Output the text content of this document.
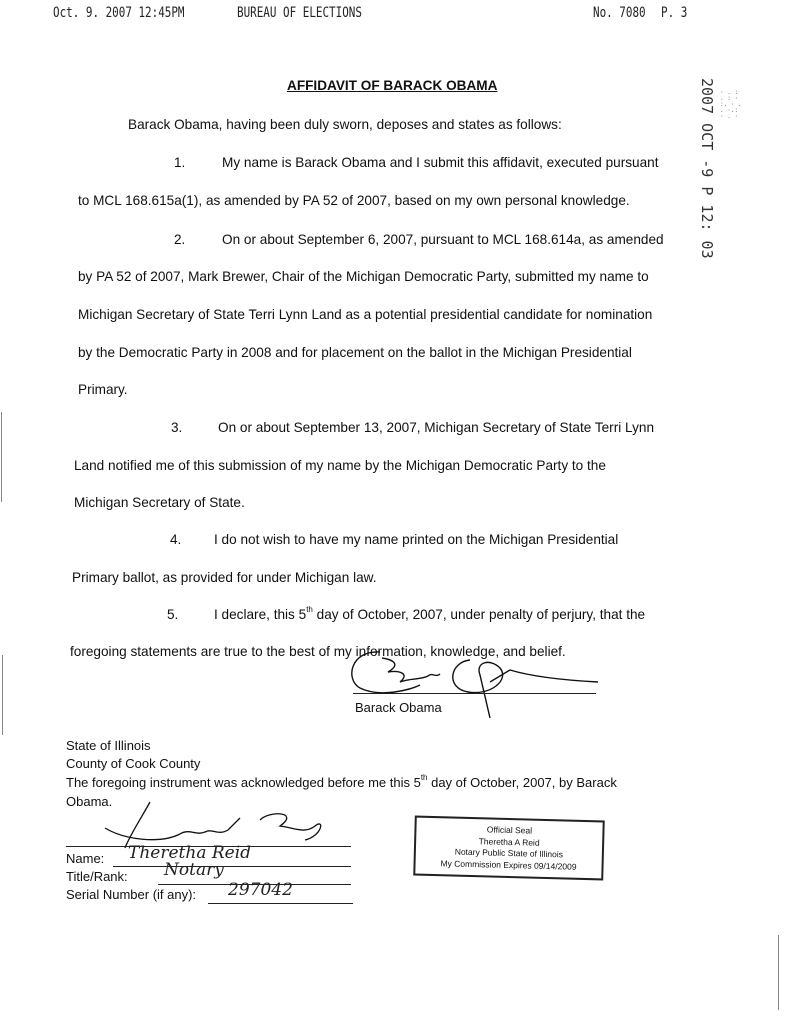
Oct. 9. 2007 12:45PM	BUREAU OF ELECTIONS	No. 7080 P. 3
2007 OCT -9 P 12: 03 · . :
. : ·
:. · .
. ·.:
· . ·
AFFIDAVIT OF BARACK OBAMA
Barack Obama, having been duly sworn, deposes and states as follows:
1.	My name is Barack Obama and I submit this affidavit, executed pursuant
to MCL 168.615a(1), as amended by PA 52 of 2007, based on my own personal knowledge.
2.	On or about September 6, 2007, pursuant to MCL 168.614a, as amended
by PA 52 of 2007, Mark Brewer, Chair of the Michigan Democratic Party, submitted my name to
Michigan Secretary of State Terri Lynn Land as a potential presidential candidate for nomination
by the Democratic Party in 2008 and for placement on the ballot in the Michigan Presidential
Primary.
3.	On or about September 13, 2007, Michigan Secretary of State Terri Lynn
Land notified me of this submission of my name by the Michigan Democratic Party to the
Michigan Secretary of State.
4. I do not wish to have my name printed on the Michigan Presidential
Primary ballot, as provided for under Michigan law.
5.	I declare, this 5th day of October, 2007, under penalty of perjury, that the
foregoing statements are true to the best of my information, knowledge, and belief.
Barack Obama
State of Illinois
County of Cook County
The foregoing instrument was acknowledged before me this 5th day of October, 2007, by Barack
Obama.
Name: Theretha Reid
Title/Rank: Notary
Serial Number (if any): 297042
Official Seal
Theretha A Reid
Notary Public State of Illinois
My Commission Expires 09/14/2009
